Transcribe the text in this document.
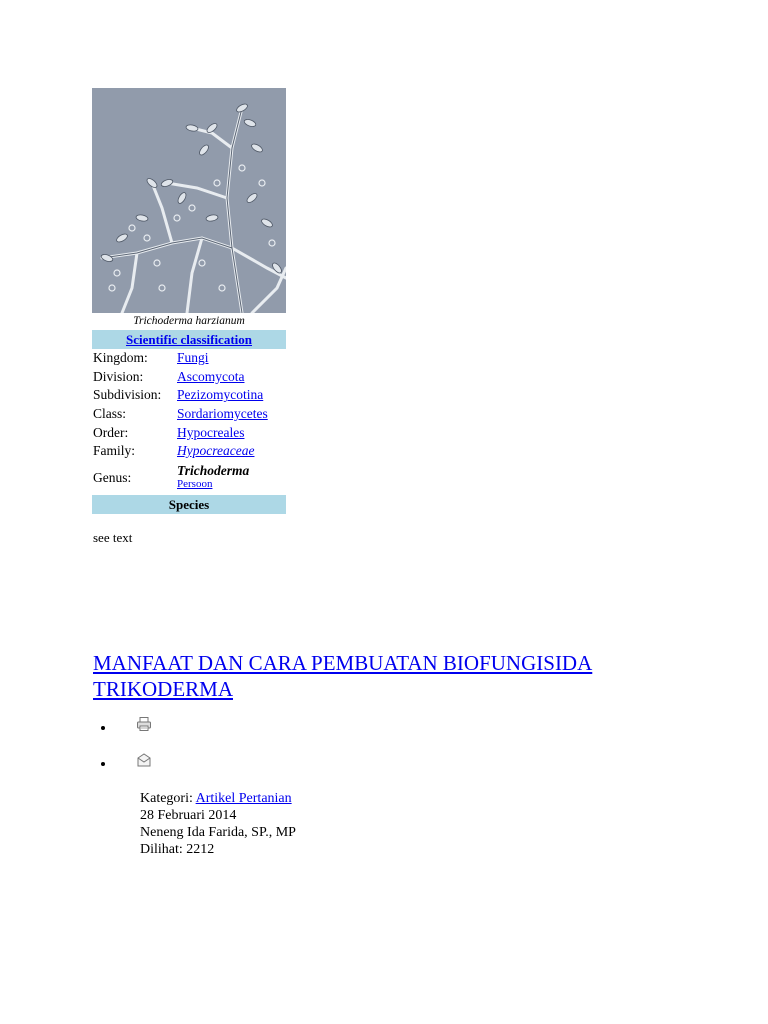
Trichoderma harzianum
Scientific classification
Kingdom:	Fungi
Division:	Ascomycota
Subdivision:	Pezizomycotina
Class:	Sordariomycetes
Order:	Hypocreales
Family:	Hypocreaceae
Genus:	Trichoderma
Persoon
Species
see text
MANFAAT DAN CARA PEMBUATAN BIOFUNGISIDA TRIKODERMA
•
•
Kategori: Artikel Pertanian
28 Februari 2014
Neneng Ida Farida, SP., MP
Dilihat: 2212
